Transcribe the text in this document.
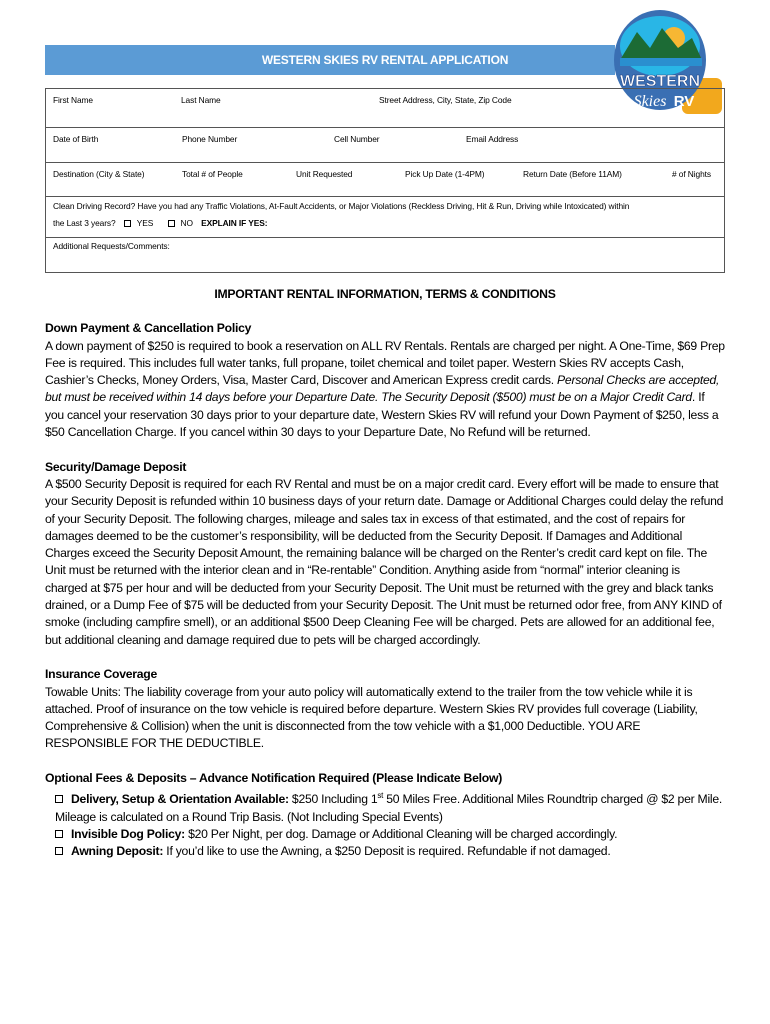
WESTERN SKIES RV RENTAL APPLICATION
WESTERN
Skies RV
First Name	Last Name	Street Address, City, State, Zip Code

Date of Birth	Phone Number	Cell Number	Email Address

Destination (City & State)	Total # of People	Unit Requested	Pick Up Date (1-4PM)	Return Date (Before 11AM)	# of Nights

Clean Driving Record? Have you had any Traffic Violations, At-Fault Accidents, or Major Violations (Reckless Driving, Hit & Run, Driving while Intoxicated) within
the Last 3 years?	YES	NO EXPLAIN IF YES:

Additional Requests/Comments:
IMPORTANT RENTAL INFORMATION, TERMS & CONDITIONS
Down Payment & Cancellation Policy

A down payment of $250 is required to book a reservation on ALL RV Rentals. Rentals are charged per night. A One-Time, $69 Prep Fee is required. This includes full water tanks, full propane, toilet chemical and toilet paper. Western Skies RV accepts Cash, Cashier’s Checks, Money Orders, Visa, Master Card, Discover and American Express credit cards. Personal Checks are accepted, but must be received within 14 days before your Departure Date. The Security Deposit ($500) must be on a Major Credit Card. If you cancel your reservation 30 days prior to your departure date, Western Skies RV will refund your Down Payment of $250, less a $50 Cancellation Charge. If you cancel within 30 days to your Departure Date, No Refund will be returned.

Security/Damage Deposit

A $500 Security Deposit is required for each RV Rental and must be on a major credit card. Every effort will be made to ensure that your Security Deposit is refunded within 10 business days of your return date. Damage or Additional Charges could delay the refund of your Security Deposit. The following charges, mileage and sales tax in excess of that estimated, and the cost of repairs for damages deemed to be the customer’s responsibility, will be deducted from the Security Deposit. If Damages and Additional Charges exceed the Security Deposit Amount, the remaining balance will be charged on the Renter’s credit card kept on file. The Unit must be returned with the interior clean and in “Re-rentable” Condition. Anything aside from “normal” interior cleaning is charged at $75 per hour and will be deducted from your Security Deposit. The Unit must be returned with the grey and black tanks drained, or a Dump Fee of $75 will be deducted from your Security Deposit. The Unit must be returned odor free, from ANY KIND of smoke (including campfire smell), or an additional $500 Deep Cleaning Fee will be charged. Pets are allowed for an additional fee, but additional cleaning and damage required due to pets will be charged accordingly.

Insurance Coverage

Towable Units: The liability coverage from your auto policy will automatically extend to the trailer from the tow vehicle while it is attached. Proof of insurance on the tow vehicle is required before departure. Western Skies RV provides full coverage (Liability, Comprehensive & Collision) when the unit is disconnected from the tow vehicle with a $1,000 Deductible. YOU ARE RESPONSIBLE FOR THE DEDUCTIBLE.

Optional Fees & Deposits – Advance Notification Required (Please Indicate Below)
Delivery, Setup & Orientation Available: $250 Including 1st 50 Miles Free. Additional Miles Roundtrip charged @ $2 per Mile. Mileage is calculated on a Round Trip Basis. (Not Including Special Events)
Invisible Dog Policy: $20 Per Night, per dog. Damage or Additional Cleaning will be charged accordingly.
Awning Deposit: If you’d like to use the Awning, a $250 Deposit is required. Refundable if not damaged.
